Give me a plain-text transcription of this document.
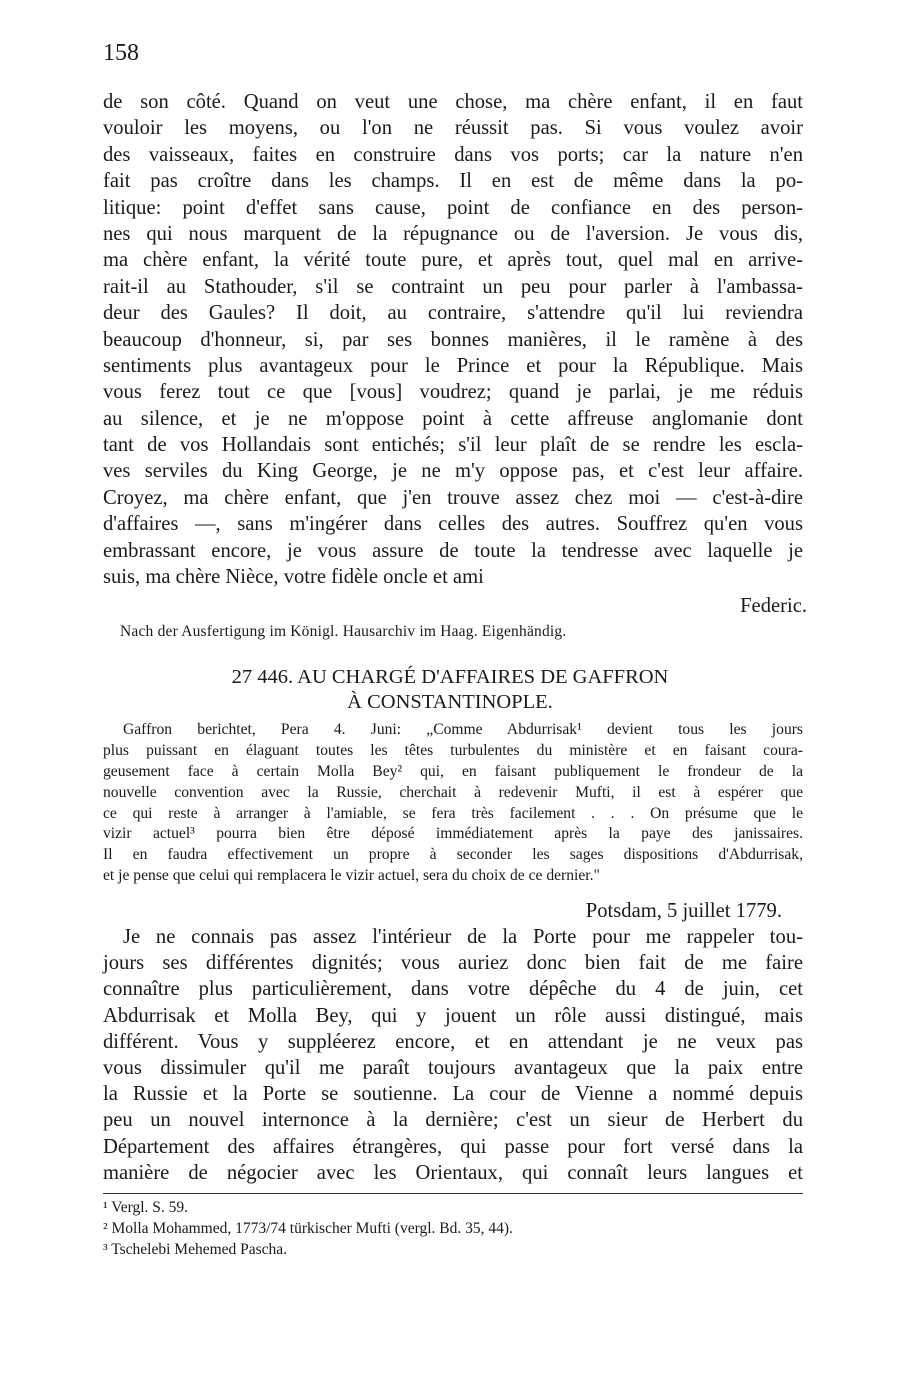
158
de son côté. Quand on veut une chose, ma chère enfant, il en faut
vouloir les moyens, ou l'on ne réussit pas. Si vous voulez avoir
des vaisseaux, faites en construire dans vos ports; car la nature n'en
fait pas croître dans les champs. Il en est de même dans la po-
litique: point d'effet sans cause, point de confiance en des person-
nes qui nous marquent de la répugnance ou de l'aversion. Je vous dis,
ma chère enfant, la vérité toute pure, et après tout, quel mal en arrive-
rait-il au Stathouder, s'il se contraint un peu pour parler à l'ambassa-
deur des Gaules? Il doit, au contraire, s'attendre qu'il lui reviendra
beaucoup d'honneur, si, par ses bonnes manières, il le ramène à des
sentiments plus avantageux pour le Prince et pour la République. Mais
vous ferez tout ce que [vous] voudrez; quand je parlai, je me réduis
au silence, et je ne m'oppose point à cette affreuse anglomanie dont
tant de vos Hollandais sont entichés; s'il leur plaît de se rendre les escla-
ves serviles du King George, je ne m'y oppose pas, et c'est leur affaire.
Croyez, ma chère enfant, que j'en trouve assez chez moi — c'est-à-dire
d'affaires —, sans m'ingérer dans celles des autres. Souffrez qu'en vous
embrassant encore, je vous assure de toute la tendresse avec laquelle je
suis, ma chère Nièce, votre fidèle oncle et ami
Federic.
Nach der Ausfertigung im Königl. Hausarchiv im Haag. Eigenhändig.
27 446. AU CHARGÉ D'AFFAIRES DE GAFFRON
À CONSTANTINOPLE.
Gaffron berichtet, Pera 4. Juni: „Comme Abdurrisak¹ devient tous les jours
plus puissant en élaguant toutes les têtes turbulentes du ministère et en faisant coura-
geusement face à certain Molla Bey² qui, en faisant publiquement le frondeur de la
nouvelle convention avec la Russie, cherchait à redevenir Mufti, il est à espérer que
ce qui reste à arranger à l'amiable, se fera très facilement . . . On présume que le
vizir actuel³ pourra bien être déposé immédiatement après la paye des janissaires.
Il en faudra effectivement un propre à seconder les sages dispositions d'Abdurrisak,
et je pense que celui qui remplacera le vizir actuel, sera du choix de ce dernier."
Potsdam, 5 juillet 1779.
Je ne connais pas assez l'intérieur de la Porte pour me rappeler tou-
jours ses différentes dignités; vous auriez donc bien fait de me faire
connaître plus particulièrement, dans votre dépêche du 4 de juin, cet
Abdurrisak et Molla Bey, qui y jouent un rôle aussi distingué, mais
différent. Vous y suppléerez encore, et en attendant je ne veux pas
vous dissimuler qu'il me paraît toujours avantageux que la paix entre
la Russie et la Porte se soutienne. La cour de Vienne a nommé depuis
peu un nouvel internonce à la dernière; c'est un sieur de Herbert du
Département des affaires étrangères, qui passe pour fort versé dans la
manière de négocier avec les Orientaux, qui connaît leurs langues et
¹ Vergl. S. 59.
² Molla Mohammed, 1773/74 türkischer Mufti (vergl. Bd. 35, 44).
³ Tschelebi Mehemed Pascha.
